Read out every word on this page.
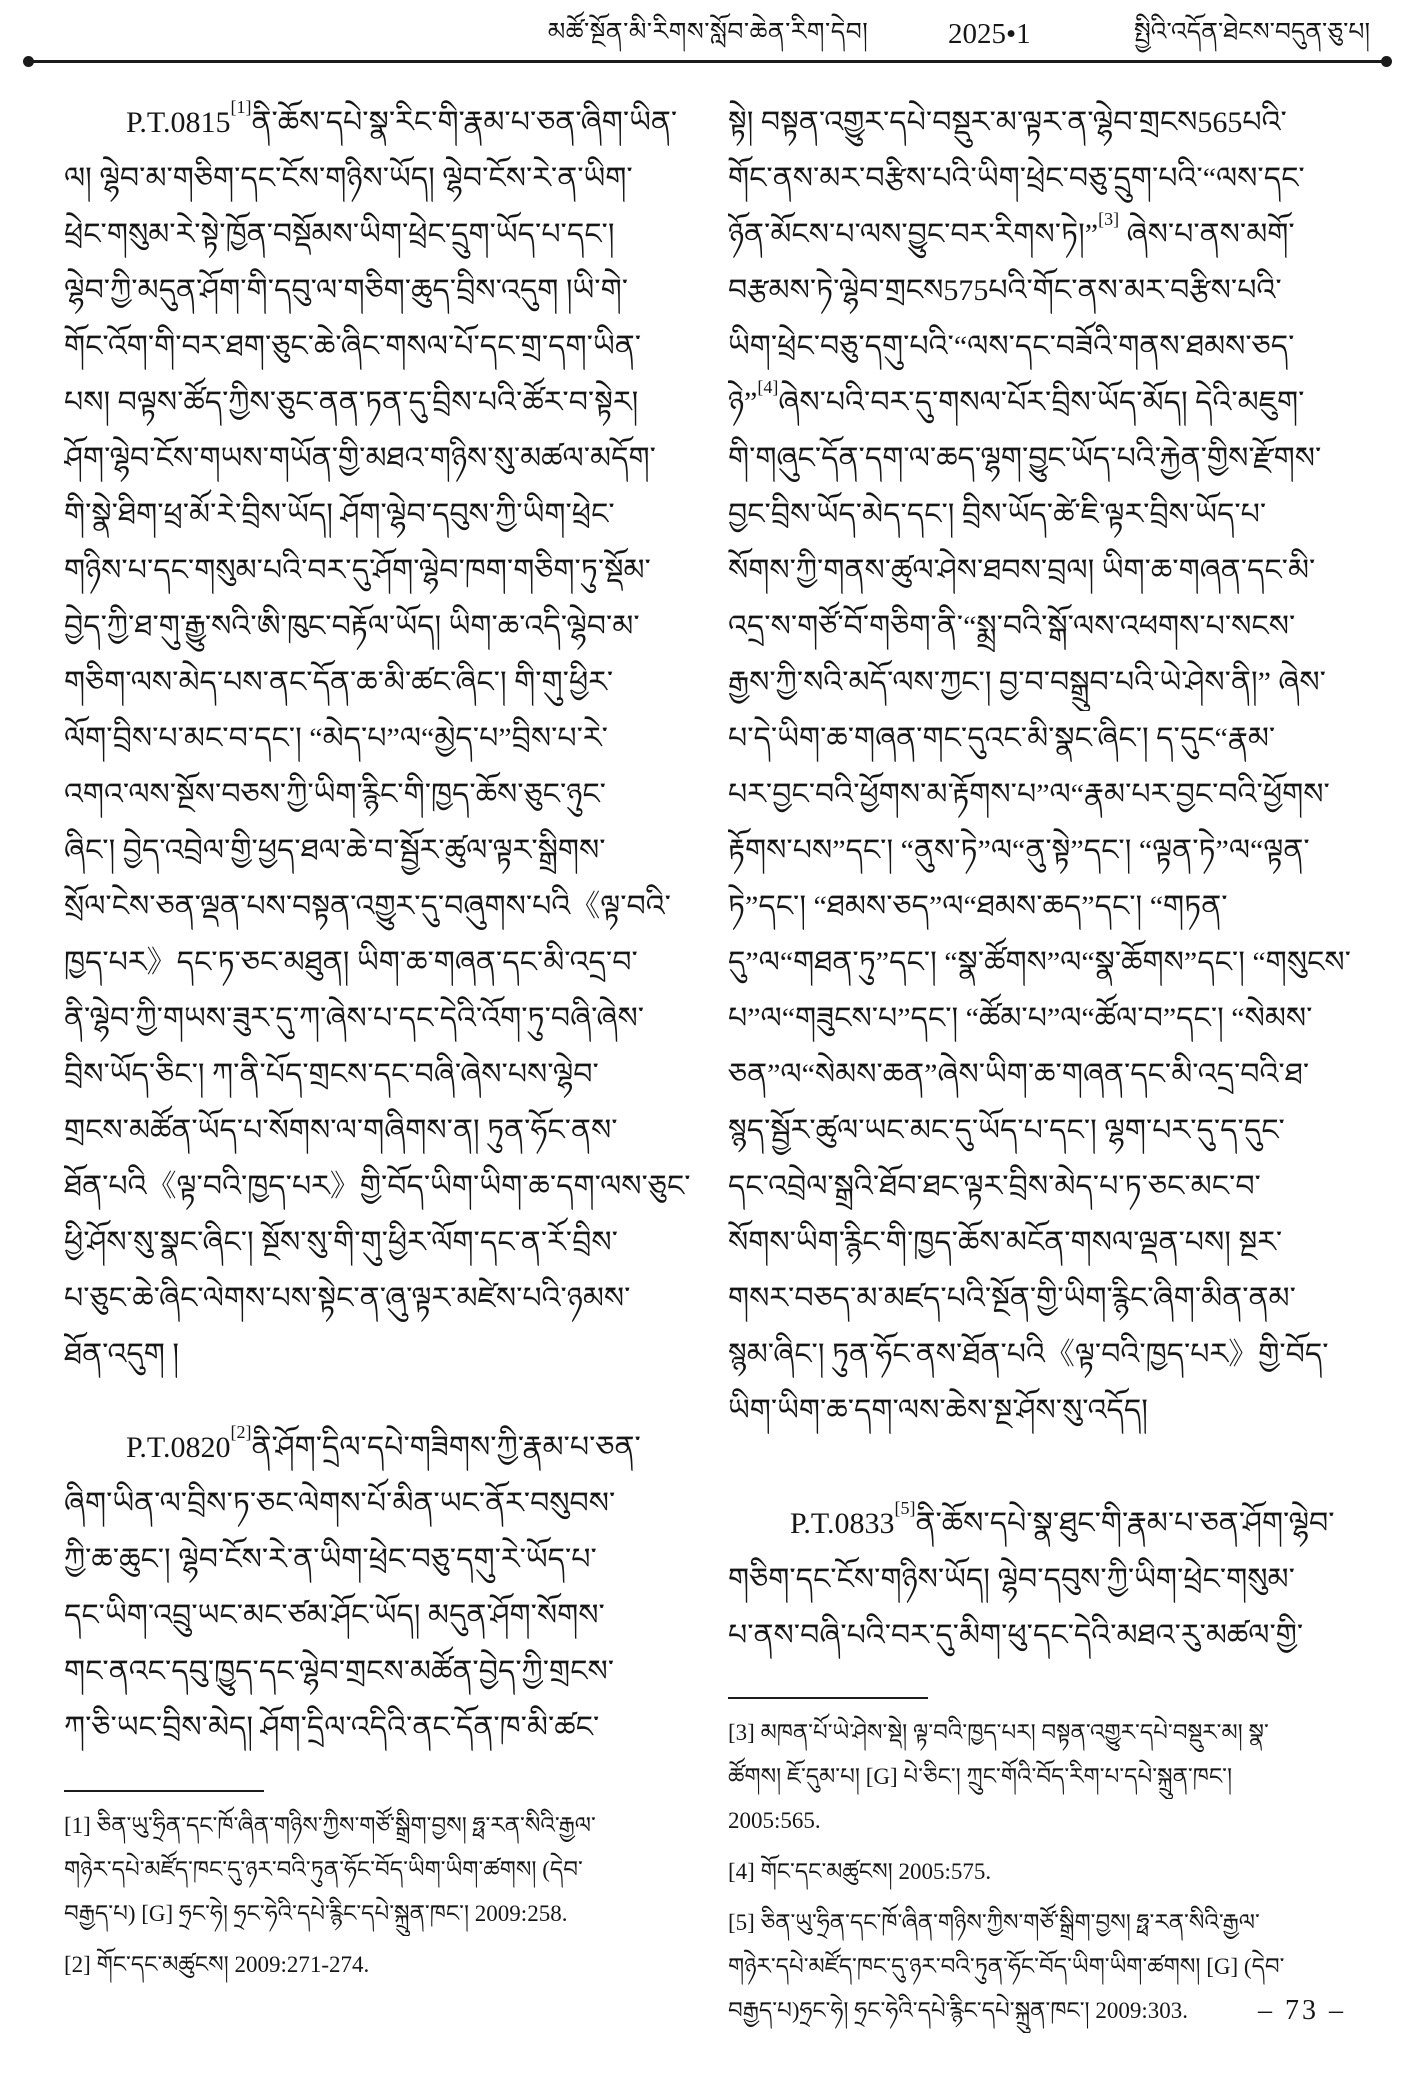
མཚོ་སྔོན་མི་རིགས་སློབ་ཆེན་རིག་དེབ།	2025•1	སྤྱིའི་འདོན་ཐེངས་བདུན་ཅུ་པ།
P.T.0815[1]ནི་ཆོས་དཔེ་སྣ་རིང་གི་རྣམ་པ་ཅན་ཞིག་ཡིན་
ལ། ལྷེབ་མ་གཅིག་དང་ངོས་གཉིས་ཡོད། ལྷེབ་ངོས་རེ་ན་ཡིག་
ཕྲེང་གསུམ་རེ་སྟེ་ཁྱོན་བསྡོམས་ཡིག་ཕྲེང་དྲུག་ཡོད་པ་དང་།
ལྷེབ་ཀྱི་མདུན་ཤོག་གི་དབུ་ལ་གཅིག་ཆུད་བྲིས་འདུག །ཡི་གེ་
གོང་འོག་གི་བར་ཐག་ཅུང་ཆེ་ཞིང་གསལ་པོ་དང་གྲ་དག་ཡིན་
པས། བལྟས་ཚོད་ཀྱིས་ཅུང་ནན་ཏན་དུ་བྲིས་པའི་ཚོར་བ་སྟེར།
ཤོག་ལྷེབ་ངོས་གཡས་གཡོན་གྱི་མཐའ་གཉིས་སུ་མཚལ་མདོག་
གི་སྣེ་ཐིག་ཕྲ་མོ་རེ་བྲིས་ཡོད། ཤོག་ལྷེབ་དབུས་ཀྱི་ཡིག་ཕྲེང་
གཉིས་པ་དང་གསུམ་པའི་བར་དུ་ཤོག་ལྷེབ་ཁག་གཅིག་ཏུ་སྡོམ་
བྱེད་ཀྱི་ཐ་གུ་རྒྱུ་སའི་ཨི་ཁུང་བརྟོལ་ཡོད། ཡིག་ཆ་འདི་ལྷེབ་མ་
གཅིག་ལས་མེད་པས་ནང་དོན་ཆ་མི་ཚང་ཞིང་། གི་གུ་ཕྱིར་
ལོག་བྲིས་པ་མང་བ་དང་། “མེད་པ”ལ“མྱེད་པ”བྲིས་པ་རེ་
འགའ་ལས་སྔོས་བཅས་ཀྱི་ཡིག་རྙིང་གི་ཁྱད་ཆོས་ཅུང་ཉུང་
ཞིང་། བྱེད་འབྲེལ་གྱི་ཕྱད་ཐལ་ཆེ་བ་སྦྱོར་ཚུལ་ལྟར་སྒྲིགས་
སྲོལ་ངེས་ཅན་ལྡན་པས་བསྟན་འགྱུར་དུ་བཞུགས་པའི《ལྟ་བའི་
ཁྱད་པར》དང་ཏ་ཅང་མཐུན། ཡིག་ཆ་གཞན་དང་མི་འདྲ་བ་
ནི་ལྷེབ་ཀྱི་གཡས་ཟུར་དུ་ཀ་ཞེས་པ་དང་དེའི་འོག་ཏུ་བཞི་ཞེས་
བྲིས་ཡོད་ཅིང་། ཀ་ནི་པོད་གྲངས་དང་བཞི་ཞེས་པས་ལྷེབ་
གྲངས་མཚོན་ཡོད་པ་སོགས་ལ་གཞིགས་ན། ཏུན་ཧོང་ནས་
ཐོན་པའི《ལྟ་བའི་ཁྱད་པར》གྱི་བོད་ཡིག་ཡིག་ཆ་དག་ལས་ཅུང་
ཕྱི་ཤོས་སུ་སྣང་ཞིང་། སྔོས་སུ་གི་གུ་ཕྱིར་ལོག་དང་ན་རོ་བྲིས་
པ་ཅུང་ཆེ་ཞིང་ལེགས་པས་སྟེང་ན་ཞུ་ལྟར་མཛེས་པའི་ཉམས་
ཐོན་འདུག །
P.T.0820[2]ནི་ཤོག་དྲིལ་དཔེ་གཟིགས་ཀྱི་རྣམ་པ་ཅན་
ཞིག་ཡིན་ལ་བྲིས་ཏ་ཅང་ལེགས་པོ་མིན་ཡང་ནོར་བསུབས་
ཀྱི་ཆ་ཆུང་། ལྷེབ་ངོས་རེ་ན་ཡིག་ཕྲེང་བཅུ་དགུ་རེ་ཡོད་པ་
དང་ཡིག་འབྲུ་ཡང་མང་ཙམ་ཤོང་ཡོད། མདུན་ཤོག་སོགས་
གང་ནའང་དབུ་ཁྱུད་དང་ལྷེབ་གྲངས་མཚོན་བྱེད་ཀྱི་གྲངས་
ཀ་ཅི་ཡང་བྲིས་མེད། ཤོག་དྲིལ་འདིའི་ནང་དོན་ཁ་མི་ཚང་
[1] ཅིན་ཡུ་ཧྲིན་དང་ཁོ་ཞིན་གཉིས་ཀྱིས་གཙོ་སྒྲིག་བྱས། ཧྥ་རན་སིའི་རྒྱལ་
གཉེར་དཔེ་མཛོད་ཁང་དུ་ཉར་བའི་ཏུན་ཧོང་བོད་ཡིག་ཡིག་ཚགས། (དེབ་
བརྒྱད་པ) [G] ཧྲང་ཧེ། ཧྲང་ཧེའི་དཔེ་རྙིང་དཔེ་སྐྲུན་ཁང་། 2009:258.
[2] གོང་དང་མཚུངས། 2009:271-274.
སྟེ། བསྟན་འགྱུར་དཔེ་བསྡུར་མ་ལྟར་ན་ལྷེབ་གྲངས565པའི་
གོང་ནས་མར་བརྩིས་པའི་ཡིག་ཕྲེང་བཅུ་དྲུག་པའི་“ལས་དང་
ཉོན་མོངས་པ་ལས་བྱུང་བར་རིགས་ཏེ།”[3] ཞེས་པ་ནས་མགོ་
བརྩམས་ཏེ་ལྷེབ་གྲངས575པའི་གོང་ནས་མར་བརྩིས་པའི་
ཡིག་ཕྲེང་བཅུ་དགུ་པའི་“ལས་དང་བཟོའི་གནས་ཐམས་ཅད་
ཉེ”[4]ཞེས་པའི་བར་དུ་གསལ་པོར་བྲིས་ཡོད་མོད། དེའི་མཇུག་
གི་གཞུང་དོན་དག་ལ་ཆད་ལྷག་བྱུང་ཡོད་པའི་རྐྱེན་གྱིས་རྫོགས་
བྱང་བྲིས་ཡོད་མེད་དང་། བྲིས་ཡོད་ཚེ་ཇི་ལྟར་བྲིས་ཡོད་པ་
སོགས་ཀྱི་གནས་ཚུལ་ཤེས་ཐབས་བྲལ། ཡིག་ཆ་གཞན་དང་མི་
འདྲ་ས་གཙོ་བོ་གཅིག་ནི་“སྨྲ་བའི་སྒོ་ལས་འཕགས་པ་སངས་
རྒྱས་ཀྱི་སའི་མདོ་ལས་ཀྱང་། བྱ་བ་བསྒྲུབ་པའི་ཡེ་ཤེས་ནི།” ཞེས་
པ་དེ་ཡིག་ཆ་གཞན་གང་དུའང་མི་སྣང་ཞིང་། ད་དུང“རྣམ་
པར་བྱང་བའི་ཕྱོགས་མ་རྟོགས་པ”ལ“རྣམ་པར་བྱང་བའི་ཕྱོགས་
རྟོགས་པས”དང་། “ནུས་ཏེ”ལ“ནུ་སྟེ”དང་། “ལྟན་ཏེ”ལ“ལྟན་
ཏེ”དང་། “ཐམས་ཅད”ལ“ཐམས་ཆད”དང་། “གཏན་
དུ”ལ“གཐན་ཏུ”དང་། “སྣ་ཚོགས”ལ“སྣ་ཆོགས”དང་། “གསུངས་
པ”ལ“གཟུངས་པ”དང་། “ཚོམ་པ”ལ“ཚོལ་བ”དང་། “སེམས་
ཅན”ལ“སེམས་ཆན”ཞེས་ཡིག་ཆ་གཞན་དང་མི་འདྲ་བའི་ཐ་
སྙད་སྦྱོར་ཚུལ་ཡང་མང་དུ་ཡོད་པ་དང་། ལྷག་པར་དུ་ད་དུང་
དང་འབྲེལ་སྒྲའི་ཐོབ་ཐང་ལྟར་བྲིས་མེད་པ་ཏ་ཅང་མང་བ་
སོགས་ཡིག་རྙིང་གི་ཁྱད་ཆོས་མངོན་གསལ་ལྡན་པས། སྔར་
གསར་བཅད་མ་མཛད་པའི་སྔོན་གྱི་ཡིག་རྙིང་ཞིག་མིན་ནམ་
སྙམ་ཞིང་། ཏུན་ཧོང་ནས་ཐོན་པའི《ལྟ་བའི་ཁྱད་པར》གྱི་བོད་
ཡིག་ཡིག་ཆ་དག་ལས་ཆེས་སྔ་ཤོས་སུ་འདོད།
P.T.0833[5]ནི་ཆོས་དཔེ་སྣ་ཐུང་གི་རྣམ་པ་ཅན་ཤོག་ལྷེབ་
གཅིག་དང་ངོས་གཉིས་ཡོད། ལྷེབ་དབུས་ཀྱི་ཡིག་ཕྲེང་གསུམ་
པ་ནས་བཞི་པའི་བར་དུ་མིག་ཕུ་དང་དེའི་མཐའ་རུ་མཚལ་གྱི་
[3] མཁན་པོ་ཡེ་ཤེས་སྡེ། ལྟ་བའི་ཁྱད་པར། བསྟན་འགྱུར་དཔེ་བསྡུར་མ། སྣ་
ཚོགས། ཇོ་དུམ་པ། [G] པེ་ཅིང་། ཀྲུང་གོའི་བོད་རིག་པ་དཔེ་སྐྲུན་ཁང་།
2005:565.
[4] གོང་དང་མཚུངས། 2005:575.
[5] ཅིན་ཡུ་ཧྲིན་དང་ཁོ་ཞིན་གཉིས་ཀྱིས་གཙོ་སྒྲིག་བྱས། ཧྥ་རན་སིའི་རྒྱལ་
གཉེར་དཔེ་མཛོད་ཁང་དུ་ཉར་བའི་ཏུན་ཧོང་བོད་ཡིག་ཡིག་ཚགས། [G] (དེབ་
བརྒྱད་པ)ཧྲང་ཧེ། ཧྲང་ཧེའི་དཔེ་རྙིང་དཔེ་སྐྲུན་ཁང་། 2009:303.	– 73 –
